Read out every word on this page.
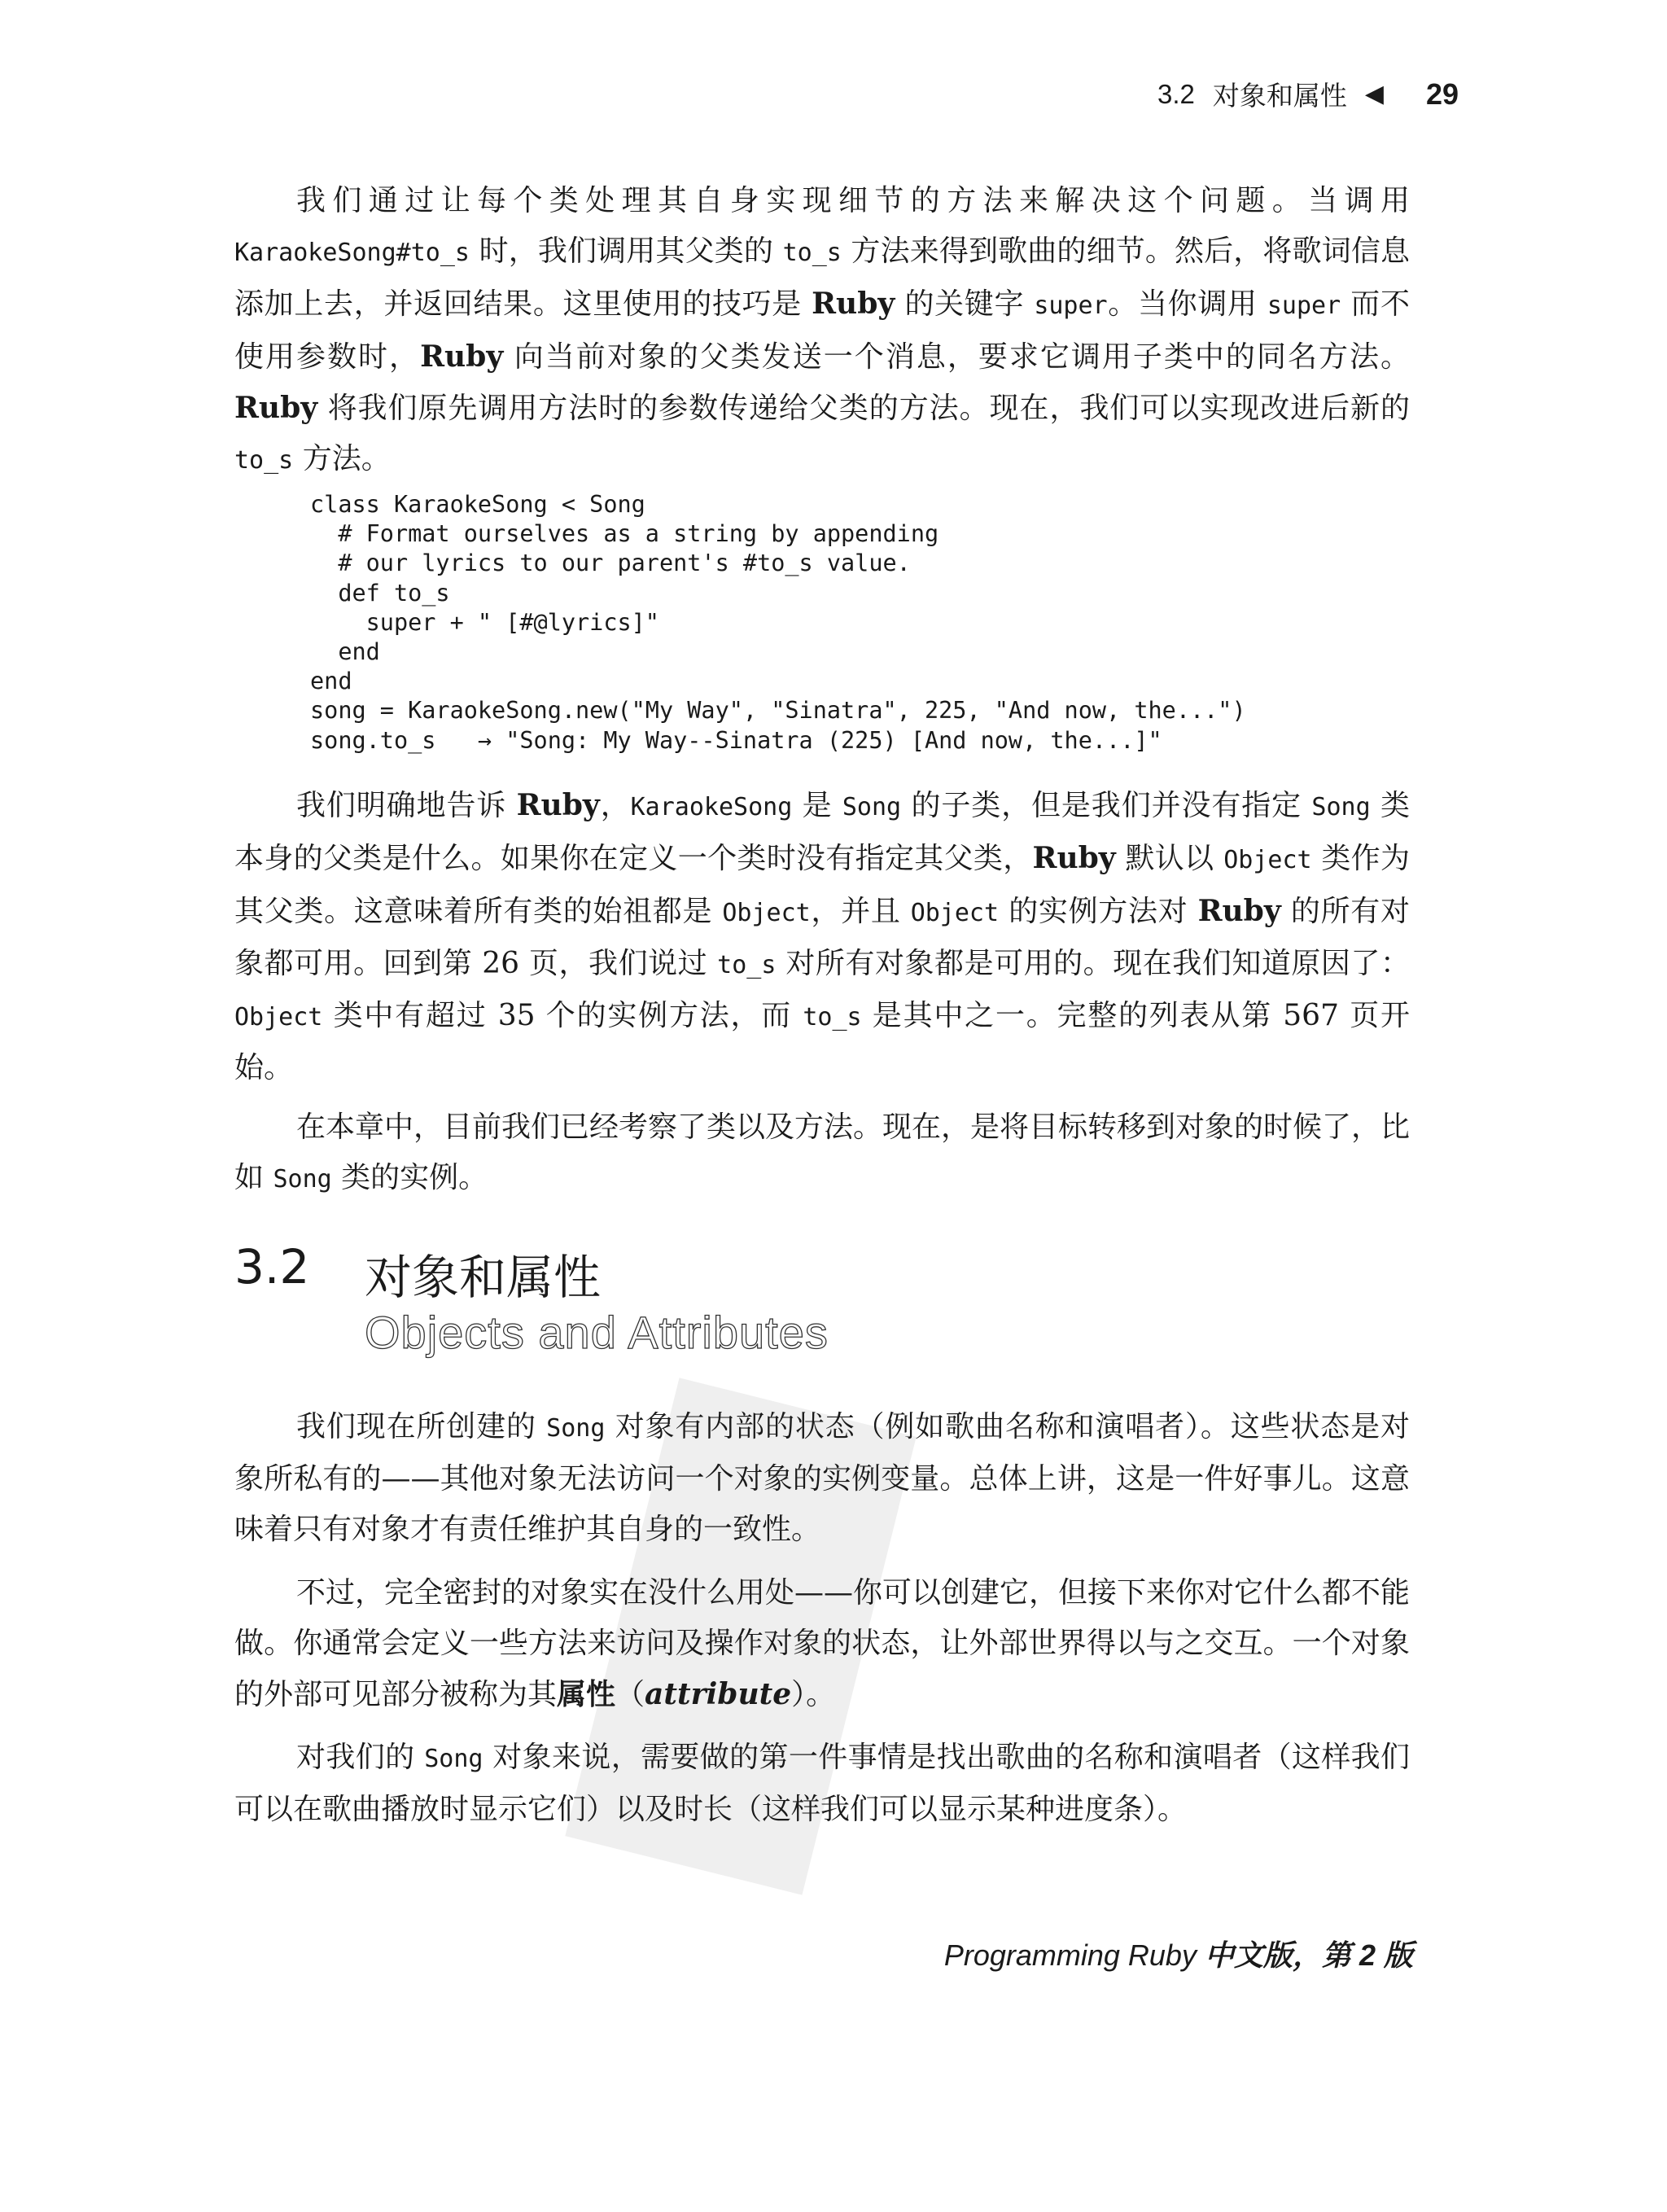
3.2 对象和属性 ◀ 29

我们通过让每个类处理其自身实现细节的方法来解决这个问题。当调用 KaraokeSong#to_s 时，我们调用其父类的 to_s 方法来得到歌曲的细节。然后，将歌词信息添加上去，并返回结果。这里使用的技巧是 Ruby 的关键字 super。当你调用 super 而不使用参数时，Ruby 向当前对象的父类发送一个消息，要求它调用子类中的同名方法。Ruby 将我们原先调用方法时的参数传递给父类的方法。现在，我们可以实现改进后新的 to_s 方法。

class KaraokeSong < Song
# Format ourselves as a string by appending
# our lyrics to our parent's #to_s value.
def to_s
super + " [#@lyrics]"
end
end
song = KaraokeSong.new("My Way", "Sinatra", 225, "And now, the...")
song.to_s   → "Song: My Way--Sinatra (225) [And now, the...]"

我们明确地告诉 Ruby，KaraokeSong 是 Song 的子类，但是我们并没有指定 Song 类本身的父类是什么。如果你在定义一个类时没有指定其父类，Ruby 默认以 Object 类作为其父类。这意味着所有类的始祖都是 Object，并且 Object 的实例方法对 Ruby 的所有对象都可用。回到第 26 页，我们说过 to_s 对所有对象都是可用的。现在我们知道原因了：Object 类中有超过 35 个的实例方法，而 to_s 是其中之一。完整的列表从第 567 页开始。

在本章中，目前我们已经考察了类以及方法。现在，是将目标转移到对象的时候了，比如 Song 类的实例。

3.2 对象和属性
Objects and Attributes

我们现在所创建的 Song 对象有内部的状态（例如歌曲名称和演唱者）。这些状态是对象所私有的——其他对象无法访问一个对象的实例变量。总体上讲，这是一件好事儿。这意味着只有对象才有责任维护其自身的一致性。

不过，完全密封的对象实在没什么用处——你可以创建它，但接下来你对它什么都不能做。你通常会定义一些方法来访问及操作对象的状态，让外部世界得以与之交互。一个对象的外部可见部分被称为其属性（attribute）。

对我们的 Song 对象来说，需要做的第一件事情是找出歌曲的名称和演唱者（这样我们可以在歌曲播放时显示它们）以及时长（这样我们可以显示某种进度条）。

Programming Ruby 中文版，第 2 版
